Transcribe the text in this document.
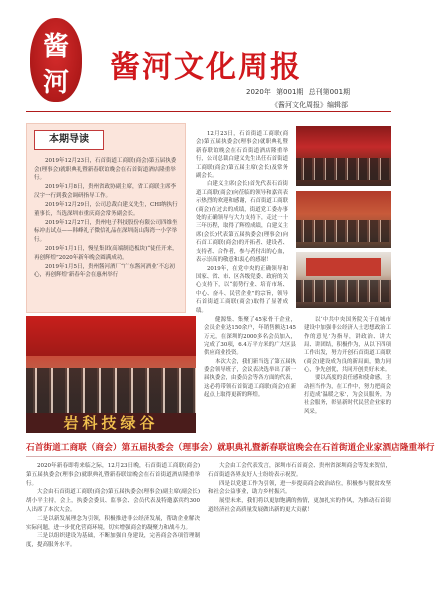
酱
河	酱河文化周报
2020年 第001期 总刊第001期
《酱河文化周报》编辑部
本期导读

2019年12月23日，石首街道工商联(商会)第五届执委会(理事会)就职典礼暨新春联谊晚会在石首街道酒店隆重举行。

2019年1月8日，贵州省政协副主席，省工商联主席李汉宇一行到我会调研指导工作。

2019年12月29日，公司总裁白建义先生，CHI纳执行董事长，当选深圳市重庆商会常务副会长。

2019年12月27日，贵州电子科技股份有限公司四维坐标冲击试点——韩峰礼子微信礼品在深圳南山海湾一小学举行。

2019年1月1日，慢星集团(高端制造板块)“徒任开来，再创辉煌”2020年新年晚会圆满成功。

2019年1月5日，贵州酱河酒厂“广东酱河酒业‘不忘初心，再创辉煌’新春年会在惠州举行

12月23日，石首街道工商联(商会)第五届执委会(理事会)就职典礼暨新春联谊晚会在石首街道酒店隆重举行，公司总裁白建义先生出任石首街道工商联(商会)第五届主席(会长)及常务副会长。

白建义主席(会长)首先代表石首街道工商联(商会)向莅临的领导和嘉宾表示热烈的欢迎和感谢，石首街道工商联(商会)在过去的成绩，街道党工委办事处的正确领导与大力支持下，走过一十三年历程，取得了辉煌成绩，白建义主席(会长)代表第五届执委会(理事会)向石首工商联(商会)的开拓者、建设者、支持者、合作者，参与者付出的心血，表示崇高的敬意和衷心的感谢！

2019年，在党中央的正确领导和国家、省、市、区各级党委、政府的关心支持下，以“弱势行业、培育市场、中心、奋斗、民营企业”的宗旨，领导石首街道工商联(商会)取得了显著成绩。

岩科技绿谷

健源集、集聚了45家骨干企业，会员企业达150余户，年销售额达145万元，在深圳的2000多名会员加入，完成了30项，6.4万平方米的广大区县供应商业投资。

本次大会，我们新当选了第五届执委会领导班子，会议表决选举出了新一届执委会，由委员会等各方面的代表，这必将带领石首街道工商联(商会)在新起点上取得更新的辉煌。

以‘中共中央国务院关于在城市建设中加强非公经济人士思想政治工作的意见’为指导，讲政治、讲大局、讲团结，积极作为，从以下四项工作出发，努力开创石首街道工商联(商会)建设成为良的新局面，勠力同心，争先创优，共同开创美好未来。

要以高度的责任感和使命感，主动担当作为，在工作中，努力把商会打造成‘温暖之家’，为会员服务，为社会服务，彰显新时代民营企业家的风采。

石首街道工商联（商会）第五届执委会（理事会）就职典礼暨新春联谊晚会在石首街道企业家酒店隆重举行

2020年新春即将来临之际，12月23日晚，石首街道工商联(商会)第五届执委会(理事会)就职典礼暨新春联谊晚会在石首街道酒店隆重举行。

大会由石首街道工商联(商会)第五届执委会(理事会)副主席(副会长)胡小平主持，会上，执委会委员、监事会、会员代表及特邀嘉宾约300人出席了本次大会。

二是以新发展理念为引领，积极推进非公经济发展，帮助企业解决实际问题，进一步优化营商环境，切实增强商会的凝聚力和战斗力。

三是以组织建设为基础，不断加强自身建设，完善商会各项管理制度，提高服务水平。

大会由工会代表发言，深圳市石首商会、贵州省深圳商会等发来贺信，石首街道各界友好人士纷纷表示祝贺。

四是以党建工作为引领，进一步提高商会政治站位，积极参与脱贫攻坚和社会公益事业，助力乡村振兴。

展望未来，我们将以更加饱满的热情，更加扎实的作风，为推动石首街道经济社会高质量发展做出新的更大贡献！
